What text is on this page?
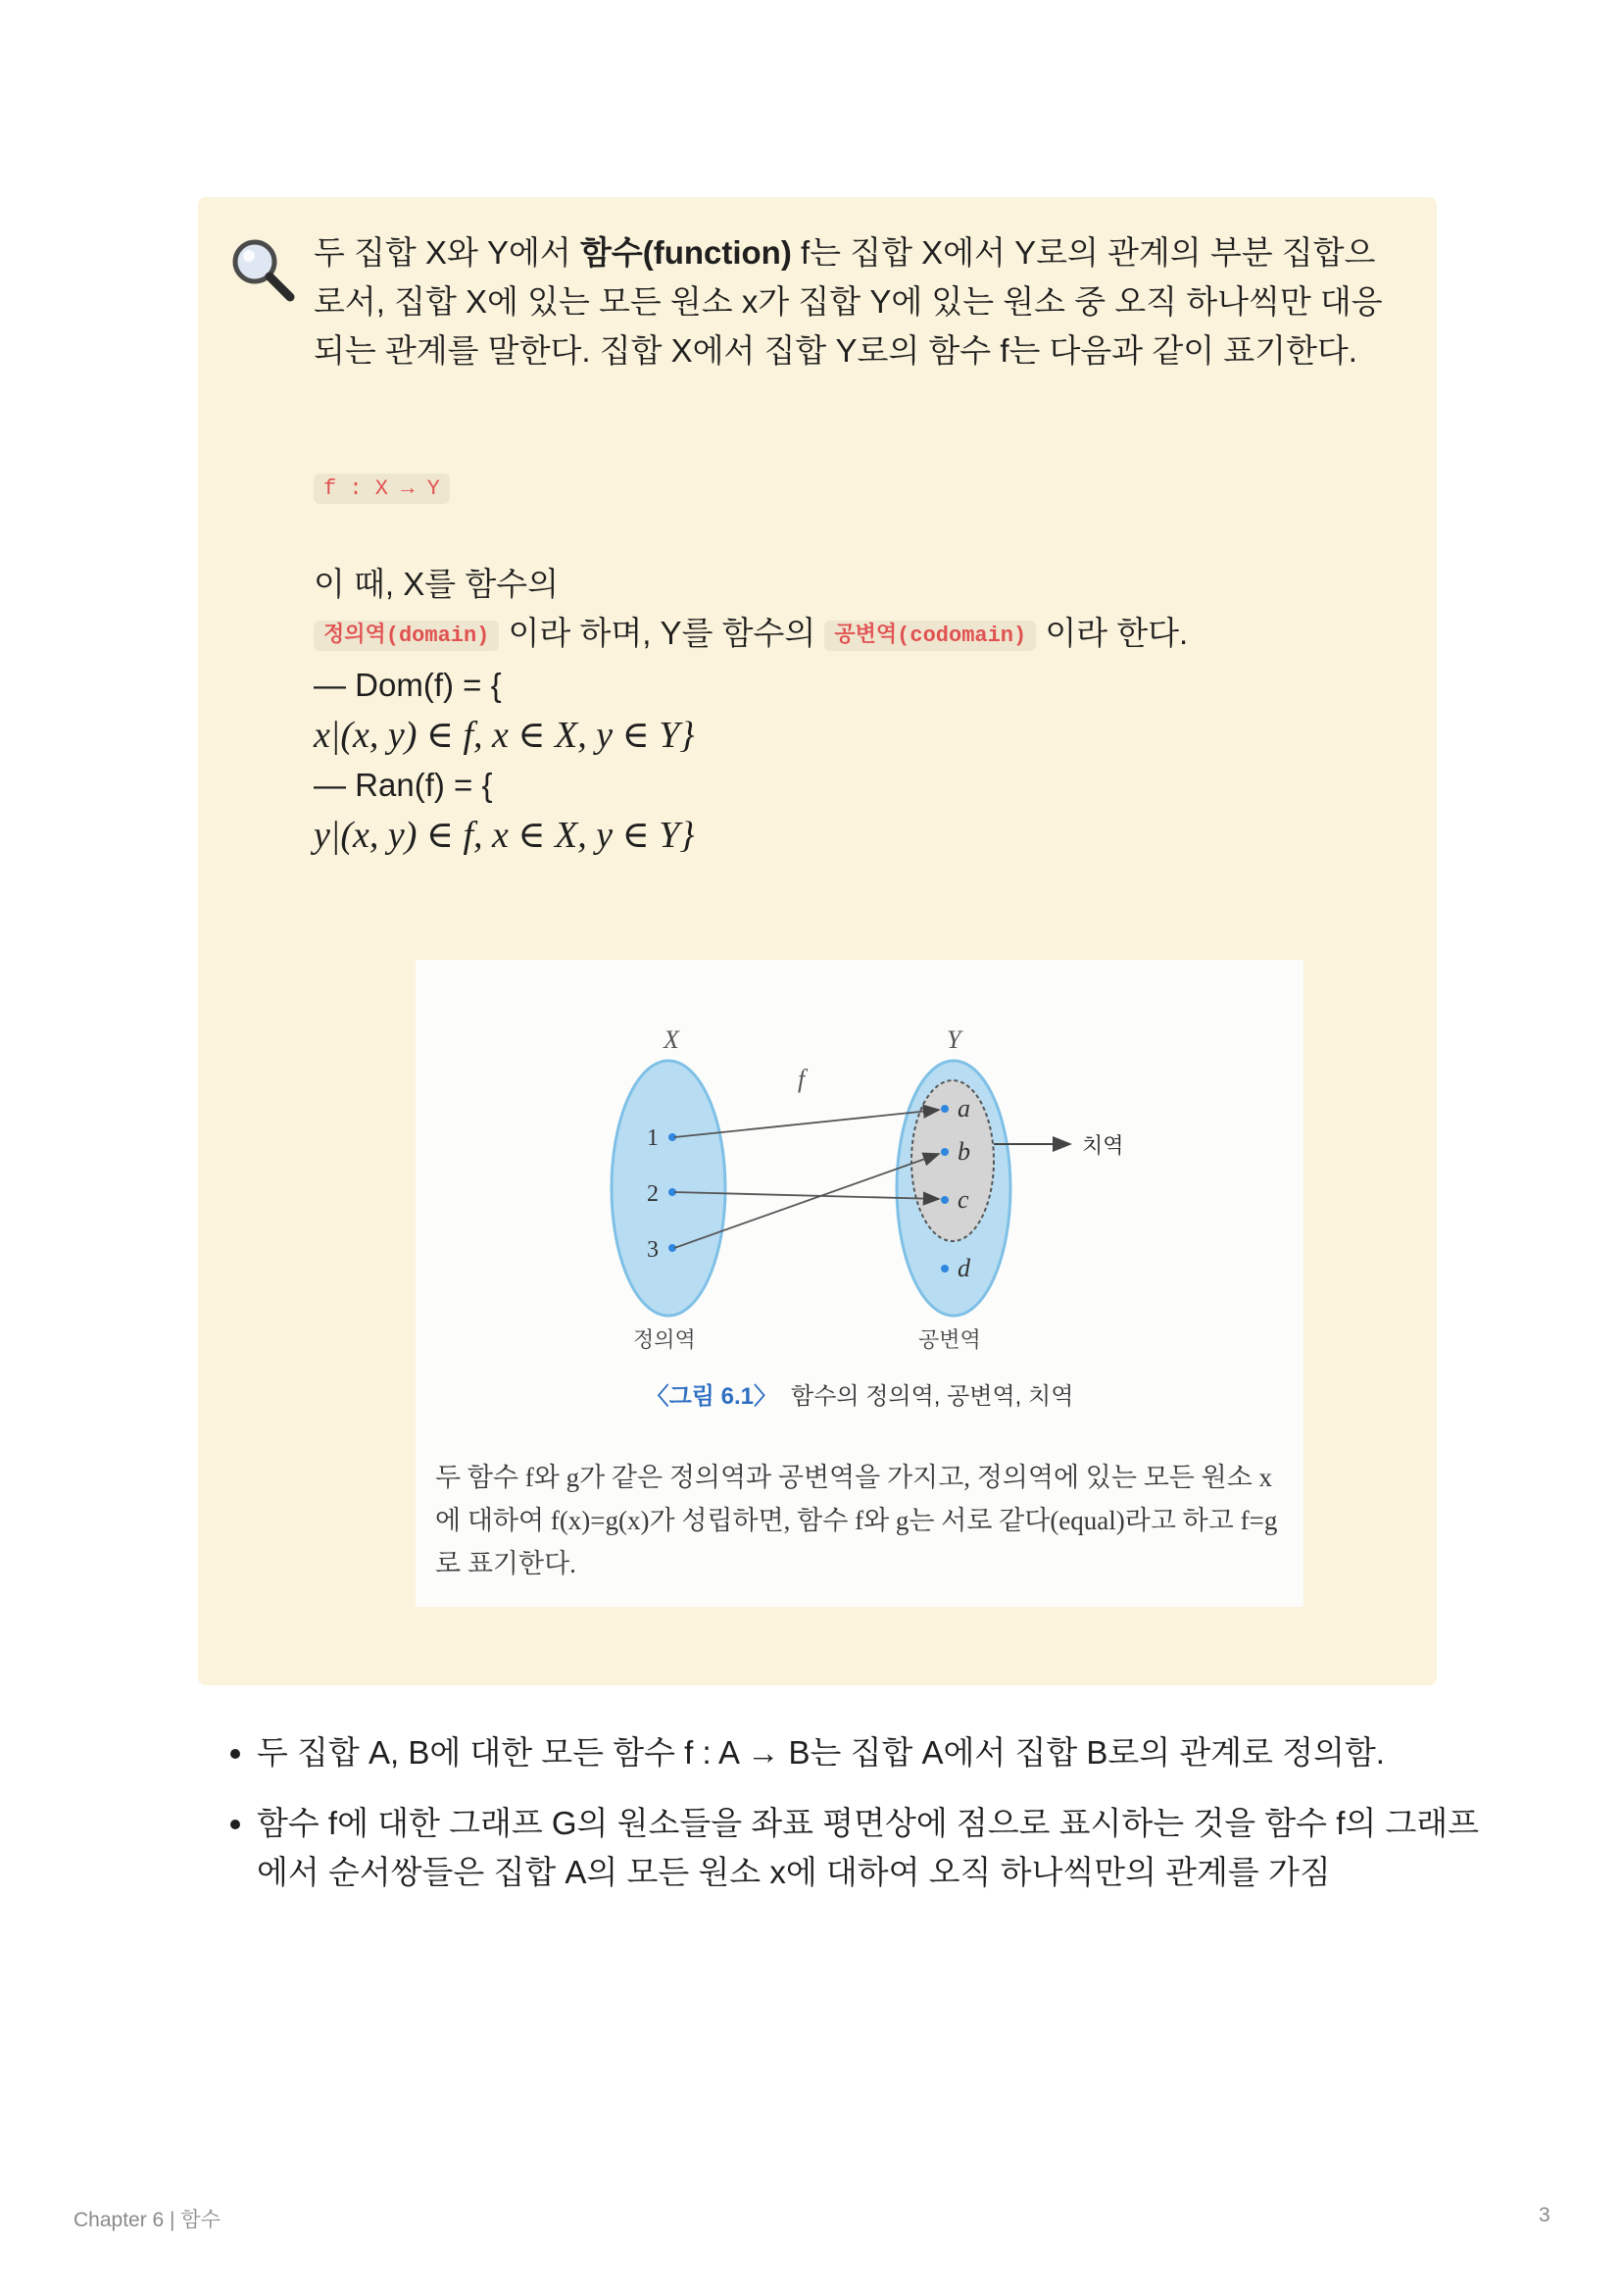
두 집합 X와 Y에서 함수(function) f는 집합 X에서 Y로의 관계의 부분 집합으로서, 집합 X에 있는 모든 원소 x가 집합 Y에 있는 원소 중 오직 하나씩만 대응되는 관계를 말한다. 집합 X에서 집합 Y로의 함수 f는 다음과 같이 표기한다.

f : X → Y
이 때, X를 함수의
정의역(domain) 이라 하며, Y를 함수의 공변역(codomain) 이라 한다.
— Dom(f) = {
x|(x, y) ∈ f, x ∈ X, y ∈ Y}
— Ran(f) = {
y|(x, y) ∈ f, x ∈ X, y ∈ Y}
X	Y
f
1
2
3
a
b
c
d
치역
정의역	공변역
〈그림 6.1〉 함수의 정의역, 공변역, 치역
두 함수 f와 g가 같은 정의역과 공변역을 가지고, 정의역에 있는 모든 원소 x에 대하여 f(x)=g(x)가 성립하면, 함수 f와 g는 서로 같다(equal)라고 하고 f=g로 표기한다.
• 두 집합 A, B에 대한 모든 함수 f : A → B는 집합 A에서 집합 B로의 관계로 정의함.
• 함수 f에 대한 그래프 G의 원소들을 좌표 평면상에 점으로 표시하는 것을 함수 f의 그래프에서 순서쌍들은 집합 A의 모든 원소 x에 대하여 오직 하나씩만의 관계를 가짐
Chapter 6 | 함수	3
